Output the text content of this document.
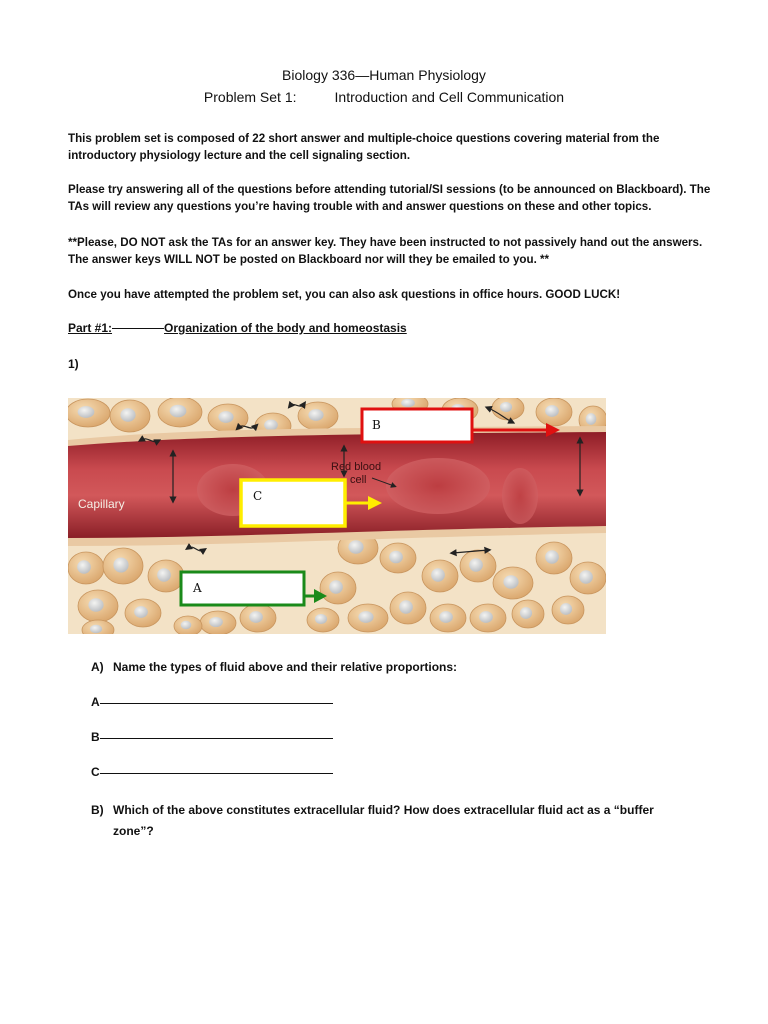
Biology 336—Human Physiology
Problem Set 1:	Introduction and Cell Communication
This problem set is composed of 22 short answer and multiple-choice questions covering material from the introductory physiology lecture and the cell signaling section.
Please try answering all of the questions before attending tutorial/SI sessions (to be announced on Blackboard). The TAs will review any questions you’re having trouble with and answer questions on these and other topics.
**Please, DO NOT ask the TAs for an answer key. They have been instructed to not passively hand out the answers. The answer keys WILL NOT be posted on Blackboard nor will they be emailed to you. **
Once you have attempted the problem set, you can also ask questions in office hours. GOOD LUCK!
Part #1:	Organization of the body and homeostasis
1)
Capillary
Red blood
cell
B
C
A
A) Name the types of fluid above and their relative proportions:
A
B
C
B) Which of the above constitutes extracellular fluid? How does extracellular fluid act as a “buffer
zone”?
